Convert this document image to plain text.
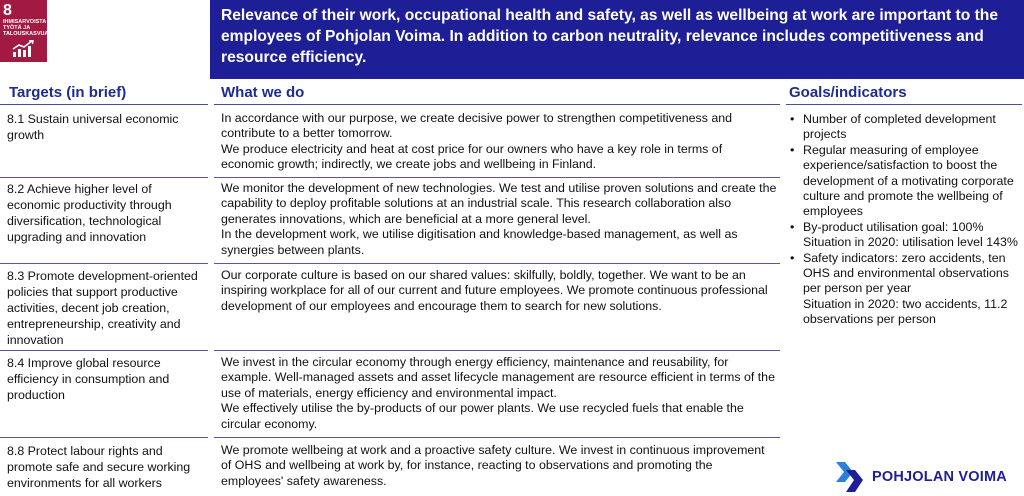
8
IHMISARVOISTA TYÖTÄ JA TALOUSKASVUA
Relevance of their work, occupational health and safety, as well as wellbeing at work are important to the employees of Pohjolan Voima. In addition to carbon neutrality, relevance includes competitiveness and resource efficiency.
Targets (in brief)	What we do	Goals/indicators
8.1 Sustain universal economic growth

In accordance with our purpose, we create decisive power to strengthen competitiveness and contribute to a better tomorrow.

We produce electricity and heat at cost price for our owners who have a key role in terms of economic growth; indirectly, we create jobs and wellbeing in Finland.

8.2 Achieve higher level of economic productivity through diversification, technological upgrading and innovation

We monitor the development of new technologies. We test and utilise proven solutions and create the capability to deploy profitable solutions at an industrial scale. This research collaboration also generates innovations, which are beneficial at a more general level.

In the development work, we utilise digitisation and knowledge-based management, as well as synergies between plants.

8.3 Promote development-oriented policies that support productive activities, decent job creation, entrepreneurship, creativity and innovation

Our corporate culture is based on our shared values: skilfully, boldly, together. We want to be an inspiring workplace for all of our current and future employees. We promote continuous professional development of our employees and encourage them to search for new solutions.

8.4 Improve global resource efficiency in consumption and production

We invest in the circular economy through energy efficiency, maintenance and reusability, for example. Well-managed assets and asset lifecycle management are resource efficient in terms of the use of materials, energy efficiency and environmental impact.

We effectively utilise the by-products of our power plants. We use recycled fuels that enable the circular economy.

8.8 Protect labour rights and promote safe and secure working environments for all workers

We promote wellbeing at work and a proactive safety culture. We invest in continuous improvement of OHS and wellbeing at work by, for instance, reacting to observations and promoting the employees' safety awareness.

• Number of completed development projects
• Regular measuring of employee experience/satisfaction to boost the development of a motivating corporate culture and promote the wellbeing of employees
• By-product utilisation goal: 100%
Situation in 2020: utilisation level 143%
• Safety indicators: zero accidents, ten OHS and environmental observations per person per year
Situation in 2020: two accidents, 11.2 observations per person
POHJOLAN VOIMA
